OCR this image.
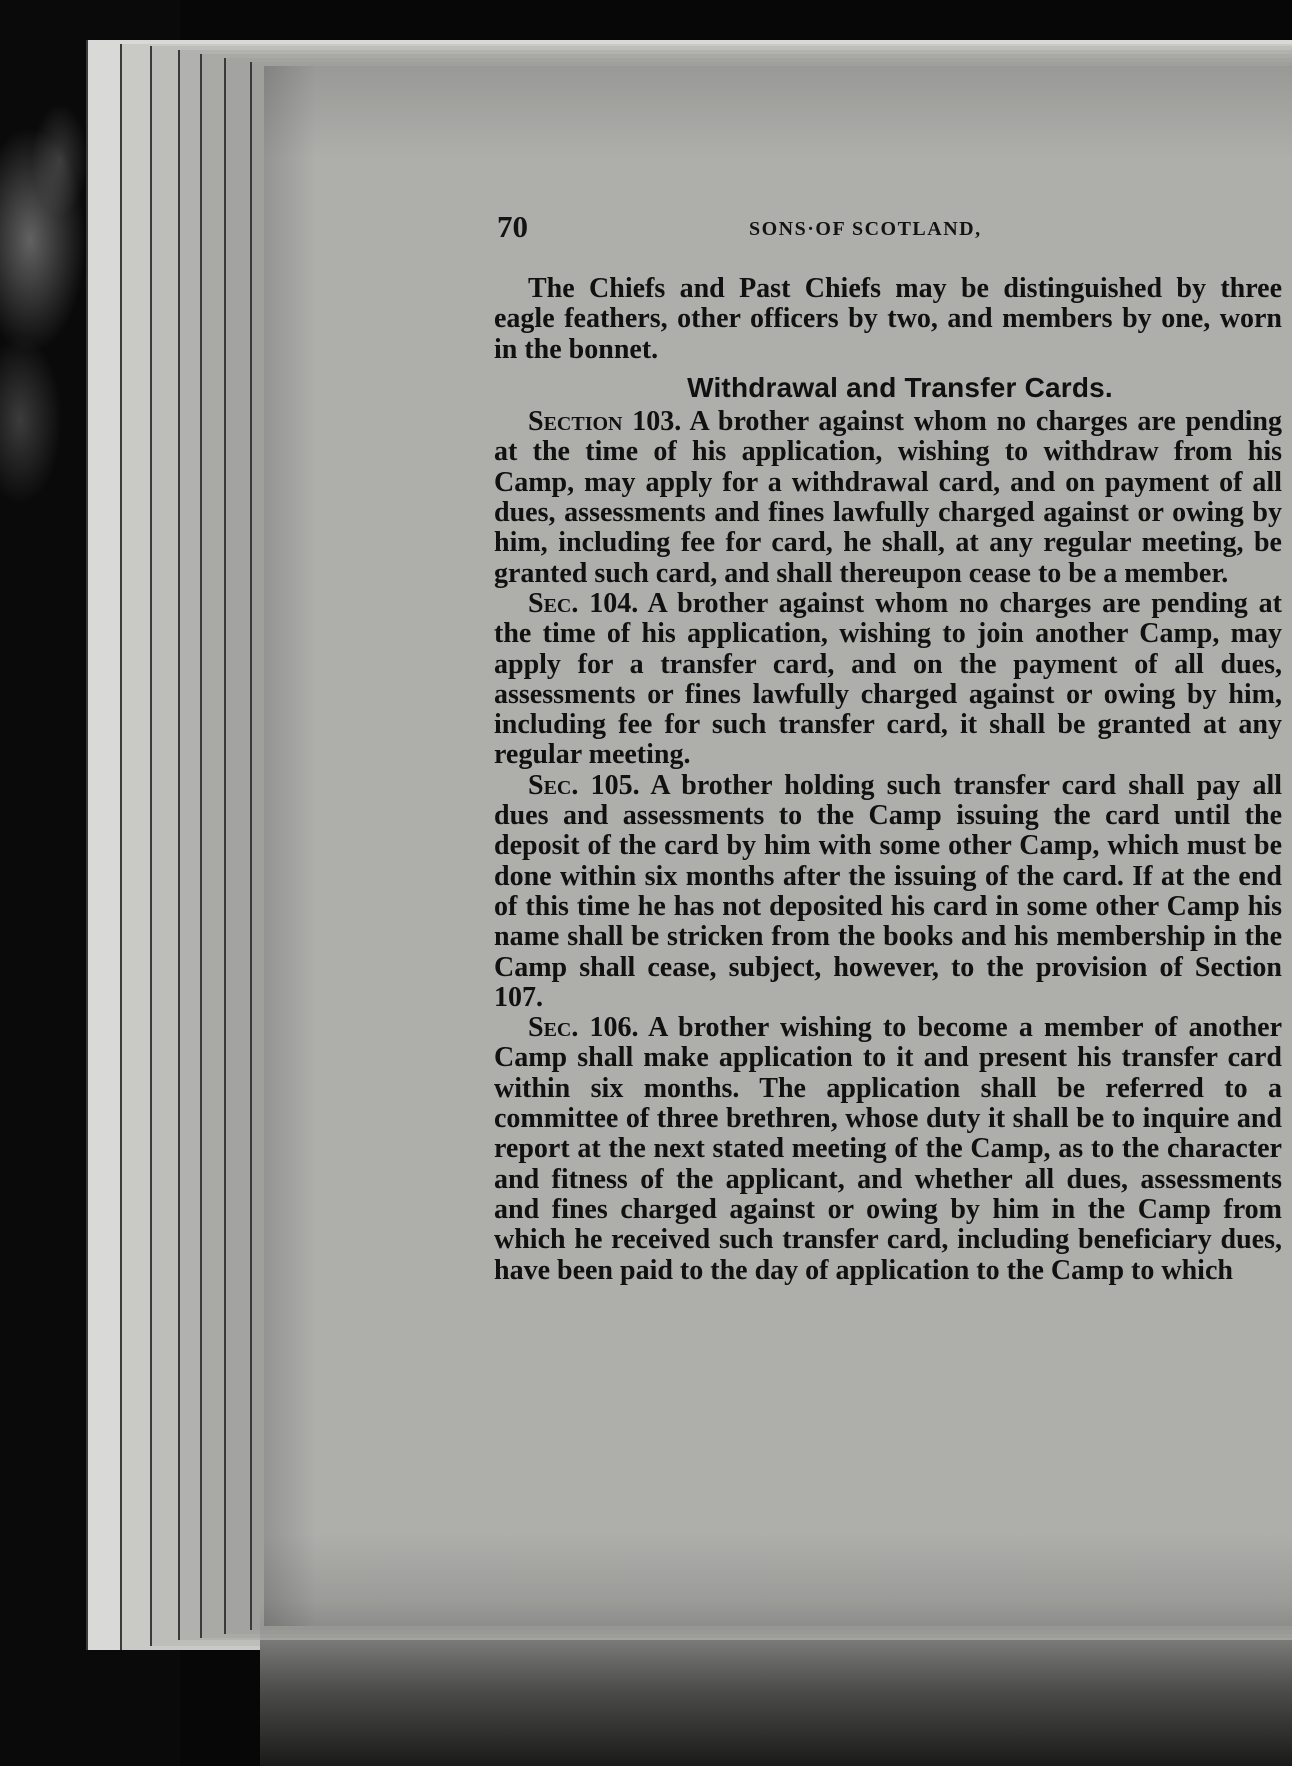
70	SONS·OF SCOTLAND,

The Chiefs and Past Chiefs may be distinguished by three eagle feathers, other officers by two, and members by one, worn in the bonnet.

Withdrawal and Transfer Cards.

Section 103. A brother against whom no charges are pending at the time of his application, wishing to withdraw from his Camp, may apply for a withdrawal card, and on payment of all dues, assessments and fines lawfully charged against or owing by him, including fee for card, he shall, at any regular meeting, be granted such card, and shall thereupon cease to be a member.

Sec. 104. A brother against whom no charges are pending at the time of his application, wishing to join another Camp, may apply for a transfer card, and on the payment of all dues, assessments or fines lawfully charged against or owing by him, including fee for such transfer card, it shall be granted at any regular meeting.

Sec. 105. A brother holding such transfer card shall pay all dues and assessments to the Camp issuing the card until the deposit of the card by him with some other Camp, which must be done within six months after the issuing of the card. If at the end of this time he has not deposited his card in some other Camp his name shall be stricken from the books and his membership in the Camp shall cease, subject, however, to the provision of Section 107.

Sec. 106. A brother wishing to become a member of another Camp shall make application to it and present his transfer card within six months. The application shall be referred to a committee of three brethren, whose duty it shall be to inquire and report at the next stated meeting of the Camp, as to the character and fitness of the applicant, and whether all dues, assessments and fines charged against or owing by him in the Camp from which he received such transfer card, including beneficiary dues, have been paid to the day of application to the Camp to which
